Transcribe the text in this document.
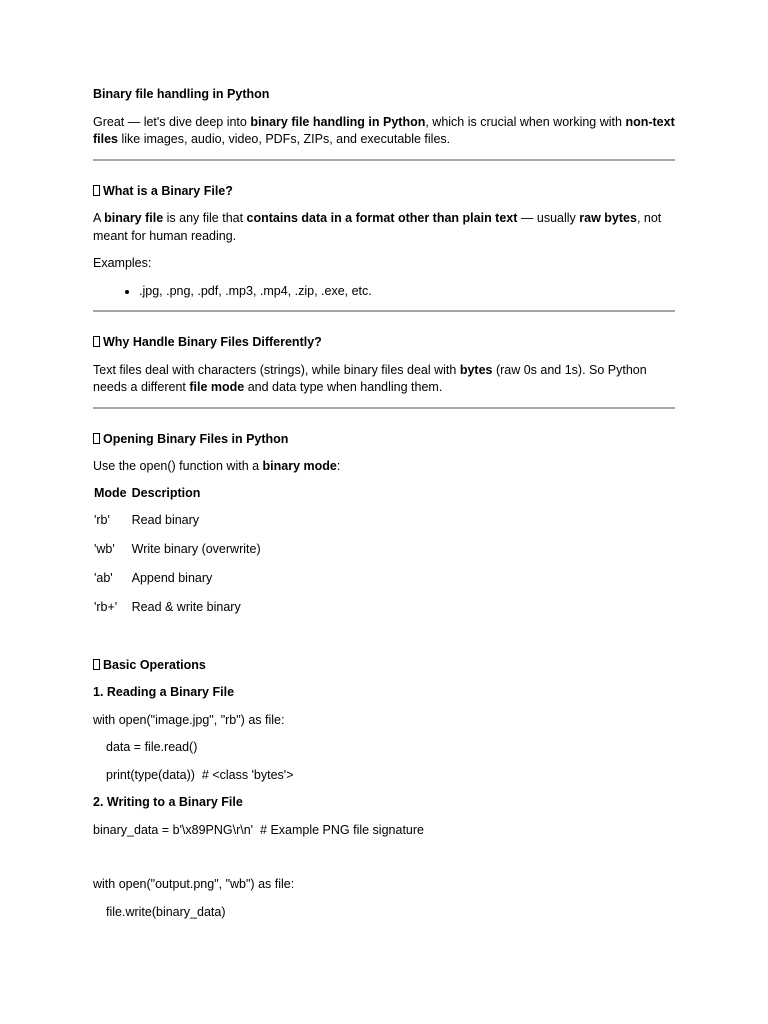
Binary file handling in Python

Great — let's dive deep into binary file handling in Python, which is crucial when working with non-text files like images, audio, video, PDFs, ZIPs, and executable files.

What is a Binary File?

A binary file is any file that contains data in a format other than plain text — usually raw bytes, not meant for human reading.

Examples:

• .jpg, .png, .pdf, .mp3, .mp4, .zip, .exe, etc.

Why Handle Binary Files Differently?

Text files deal with characters (strings), while binary files deal with bytes (raw 0s and 1s). So Python needs a different file mode and data type when handling them.

Opening Binary Files in Python

Use the open() function with a binary mode:

Mode	Description
'rb'	Read binary
'wb'	Write binary (overwrite)
'ab'	Append binary
'rb+'	Read & write binary

Basic Operations

1. Reading a Binary File

with open("image.jpg", "rb") as file:

data = file.read()

print(type(data))  # <class 'bytes'>

2. Writing to a Binary File

binary_data = b'\x89PNG\r\n'  # Example PNG file signature

with open("output.png", "wb") as file:

file.write(binary_data)
